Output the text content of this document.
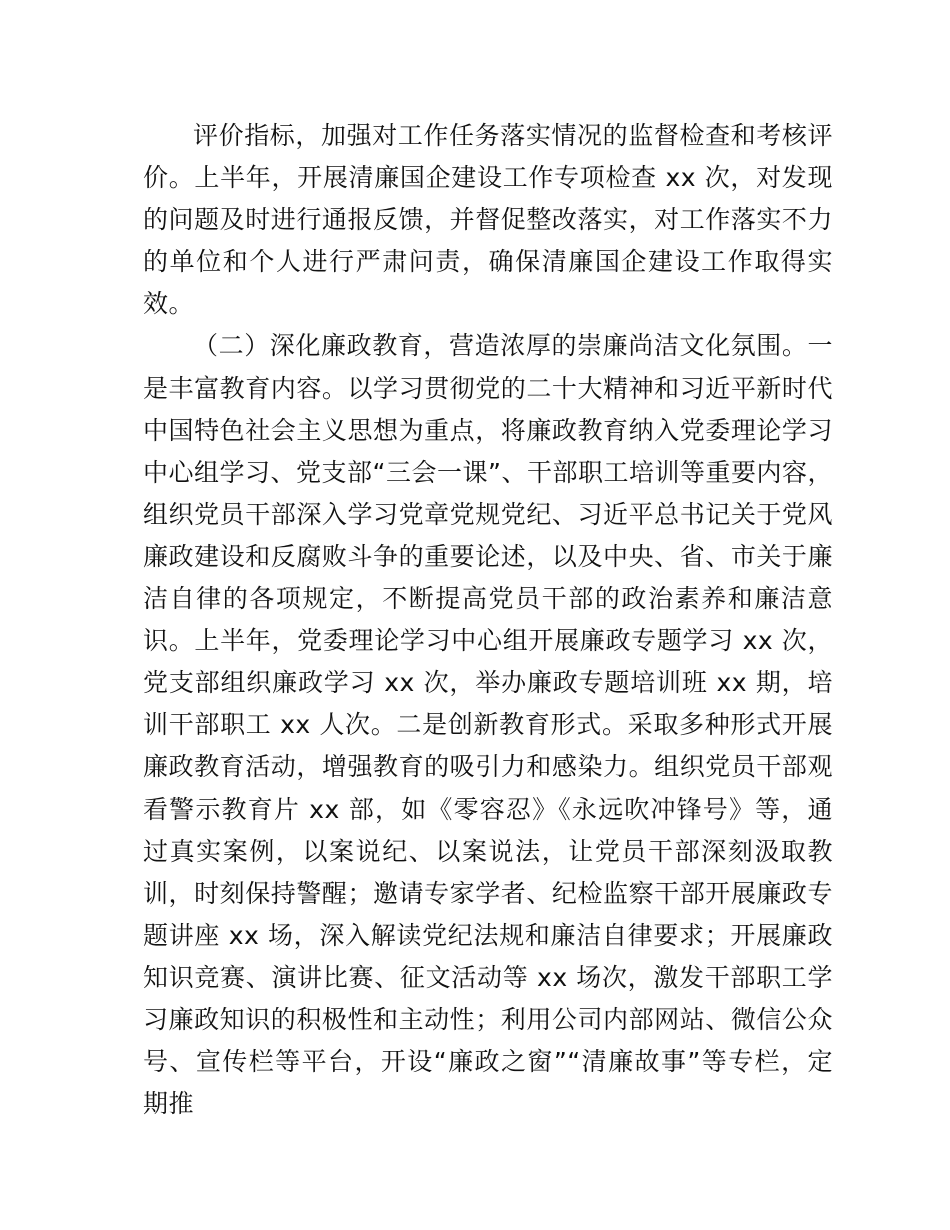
评价指标，加强对工作任务落实情况的监督检查和考核评价。上半年，开展清廉国企建设工作专项检查 xx 次，对发现的问题及时进行通报反馈，并督促整改落实，对工作落实不力的单位和个人进行严肃问责，确保清廉国企建设工作取得实效。

（二）深化廉政教育，营造浓厚的崇廉尚洁文化氛围。一是丰富教育内容。以学习贯彻党的二十大精神和习近平新时代中国特色社会主义思想为重点，将廉政教育纳入党委理论学习中心组学习、党支部“三会一课”、干部职工培训等重要内容，组织党员干部深入学习党章党规党纪、习近平总书记关于党风廉政建设和反腐败斗争的重要论述，以及中央、省、市关于廉洁自律的各项规定，不断提高党员干部的政治素养和廉洁意识。上半年，党委理论学习中心组开展廉政专题学习 xx 次，党支部组织廉政学习 xx 次，举办廉政专题培训班 xx 期，培训干部职工 xx 人次。二是创新教育形式。采取多种形式开展廉政教育活动，增强教育的吸引力和感染力。组织党员干部观看警示教育片 xx 部，如《零容忍》《永远吹冲锋号》等，通过真实案例，以案说纪、以案说法，让党员干部深刻汲取教训，时刻保持警醒；邀请专家学者、纪检监察干部开展廉政专题讲座 xx 场，深入解读党纪法规和廉洁自律要求；开展廉政知识竞赛、演讲比赛、征文活动等 xx 场次，激发干部职工学习廉政知识的积极性和主动性；利用公司内部网站、微信公众号、宣传栏等平台，开设“廉政之窗”“清廉故事”等专栏，定期推
